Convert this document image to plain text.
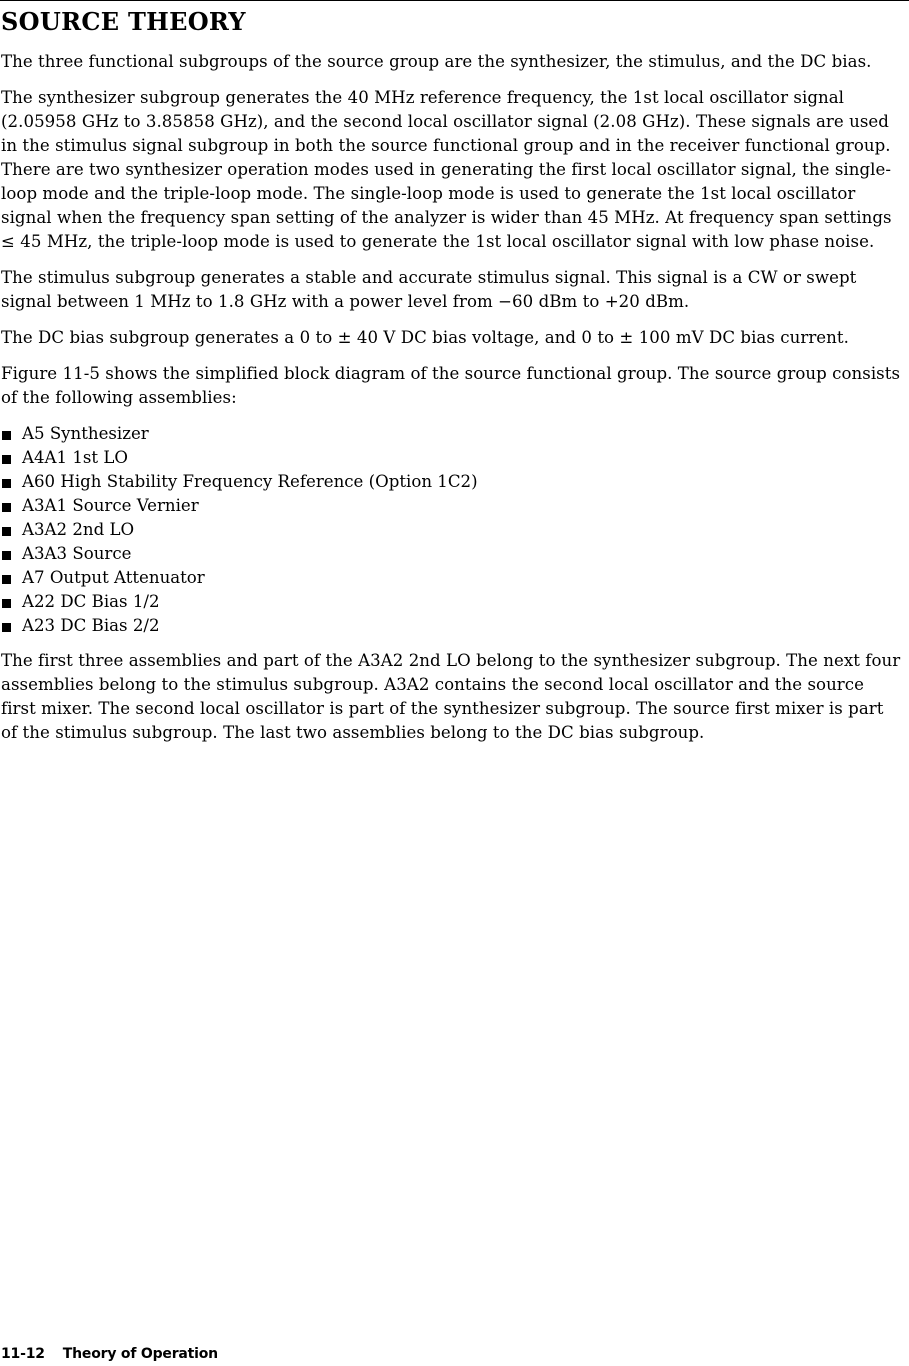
SOURCE THEORY

The three functional subgroups of the source group are the synthesizer, the stimulus, and the DC bias.

The synthesizer subgroup generates the 40 MHz reference frequency, the 1st local oscillator signal (2.05958 GHz to 3.85858 GHz), and the second local oscillator signal (2.08 GHz). These signals are used in the stimulus signal subgroup in both the source functional group and in the receiver functional group. There are two synthesizer operation modes used in generating the first local oscillator signal, the single-loop mode and the triple-loop mode. The single-loop mode is used to generate the 1st local oscillator signal when the frequency span setting of the analyzer is wider than 45 MHz. At frequency span settings ≤ 45 MHz, the triple-loop mode is used to generate the 1st local oscillator signal with low phase noise.

The stimulus subgroup generates a stable and accurate stimulus signal. This signal is a CW or swept signal between 1 MHz to 1.8 GHz with a power level from −60 dBm to +20 dBm.

The DC bias subgroup generates a 0 to ± 40 V DC bias voltage, and 0 to ± 100 mV DC bias current.

Figure 11-5 shows the simplified block diagram of the source functional group. The source group consists of the following assemblies:

A5 Synthesizer
A4A1 1st LO
A60 High Stability Frequency Reference (Option 1C2)
A3A1 Source Vernier
A3A2 2nd LO
A3A3 Source
A7 Output Attenuator
A22 DC Bias 1/2
A23 DC Bias 2/2

The first three assemblies and part of the A3A2 2nd LO belong to the synthesizer subgroup. The next four assemblies belong to the stimulus subgroup. A3A2 contains the second local oscillator and the source first mixer. The second local oscillator is part of the synthesizer subgroup. The source first mixer is part of the stimulus subgroup. The last two assemblies belong to the DC bias subgroup.

11-12 Theory of Operation
